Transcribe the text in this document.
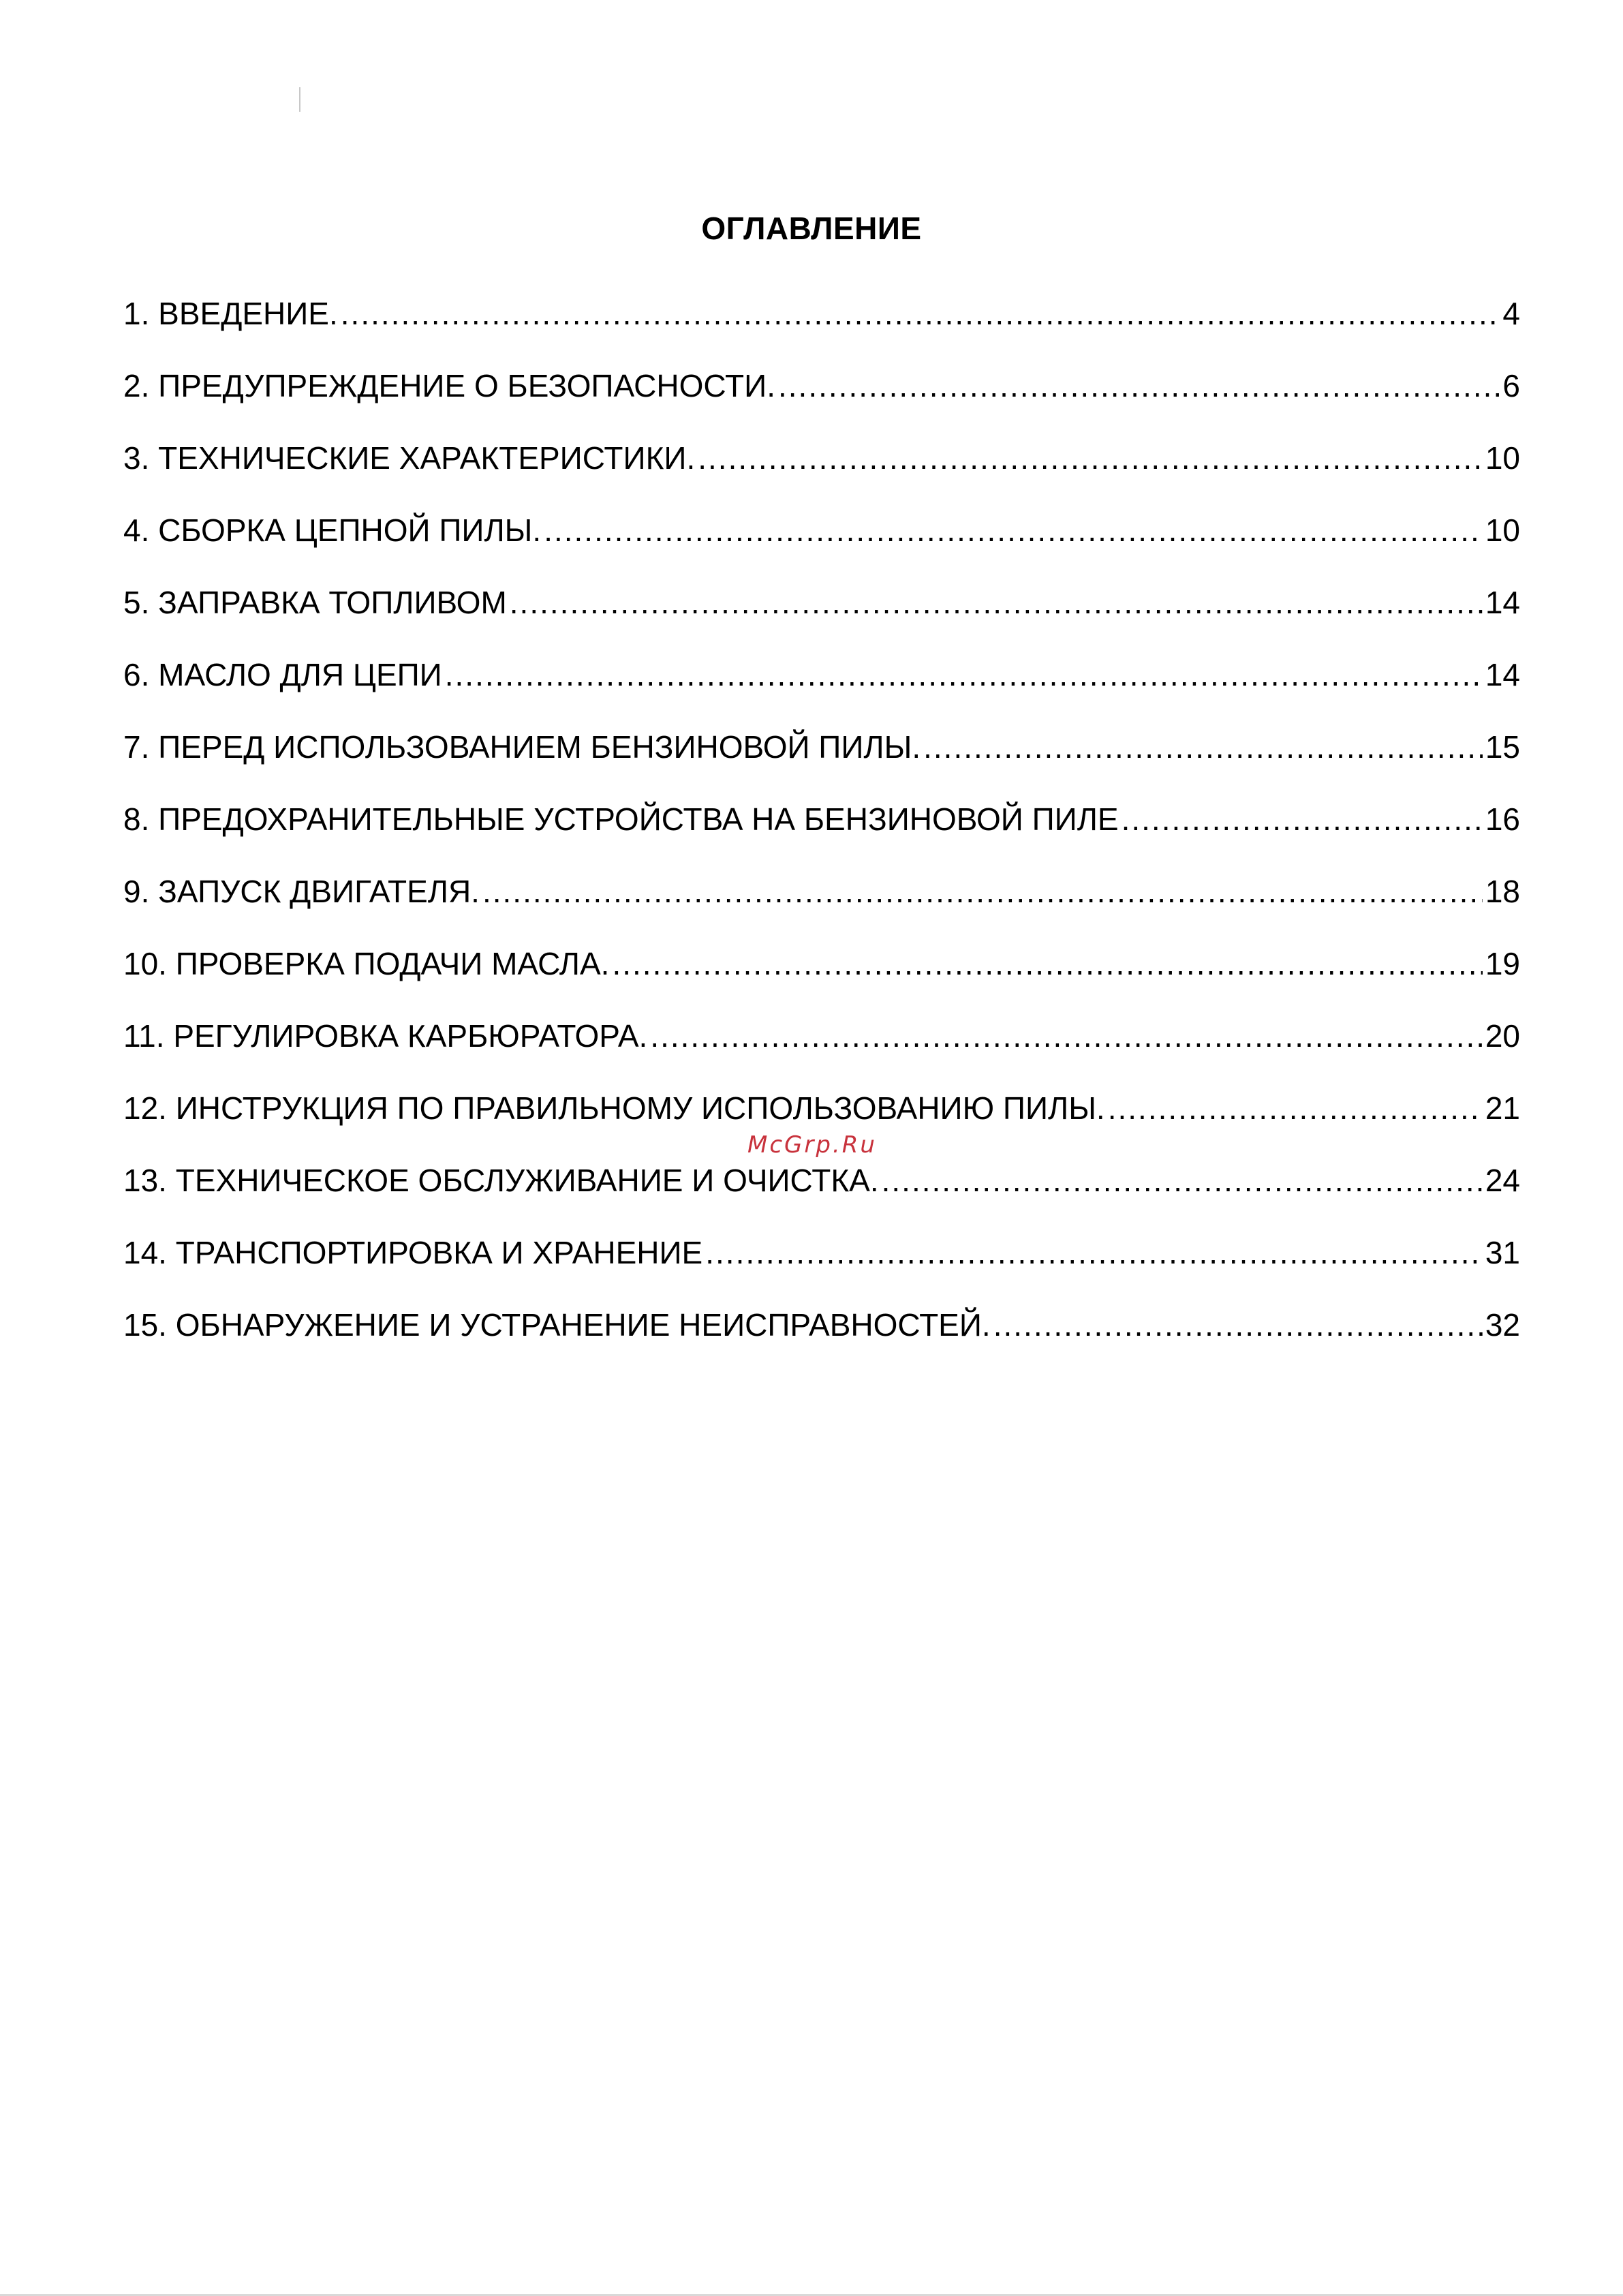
ОГЛАВЛЕНИЕ
1. ВВЕДЕНИЕ. .....	4
2. ПРЕДУПРЕЖДЕНИЕ О БЕЗОПАСНОСТИ. .....	6
3. ТЕХНИЧЕСКИЕ ХАРАКТЕРИСТИКИ. .....	10
4. СБОРКА ЦЕПНОЙ ПИЛЫ. .....	10
5. ЗАПРАВКА ТОПЛИВОМ .....	14
6. МАСЛО ДЛЯ ЦЕПИ .....	14
7. ПЕРЕД ИСПОЛЬЗОВАНИЕМ БЕНЗИНОВОЙ ПИЛЫ. .....	15
8. ПРЕДОХРАНИТЕЛЬНЫЕ УСТРОЙСТВА НА БЕНЗИНОВОЙ ПИЛЕ .....	16
9. ЗАПУСК ДВИГАТЕЛЯ. .....	18
10. ПРОВЕРКА ПОДАЧИ МАСЛА. .....	19
11. РЕГУЛИРОВКА КАРБЮРАТОРА. .....	20
12. ИНСТРУКЦИЯ ПО ПРАВИЛЬНОМУ ИСПОЛЬЗОВАНИЮ ПИЛЫ. .....	21
13. ТЕХНИЧЕСКОЕ ОБСЛУЖИВАНИЕ И ОЧИСТКА. .....	24
14. ТРАНСПОРТИРОВКА И ХРАНЕНИЕ .....	31
15. ОБНАРУЖЕНИЕ И УСТРАНЕНИЕ НЕИСПРАВНОСТЕЙ. .....	32
McGrp.Ru
